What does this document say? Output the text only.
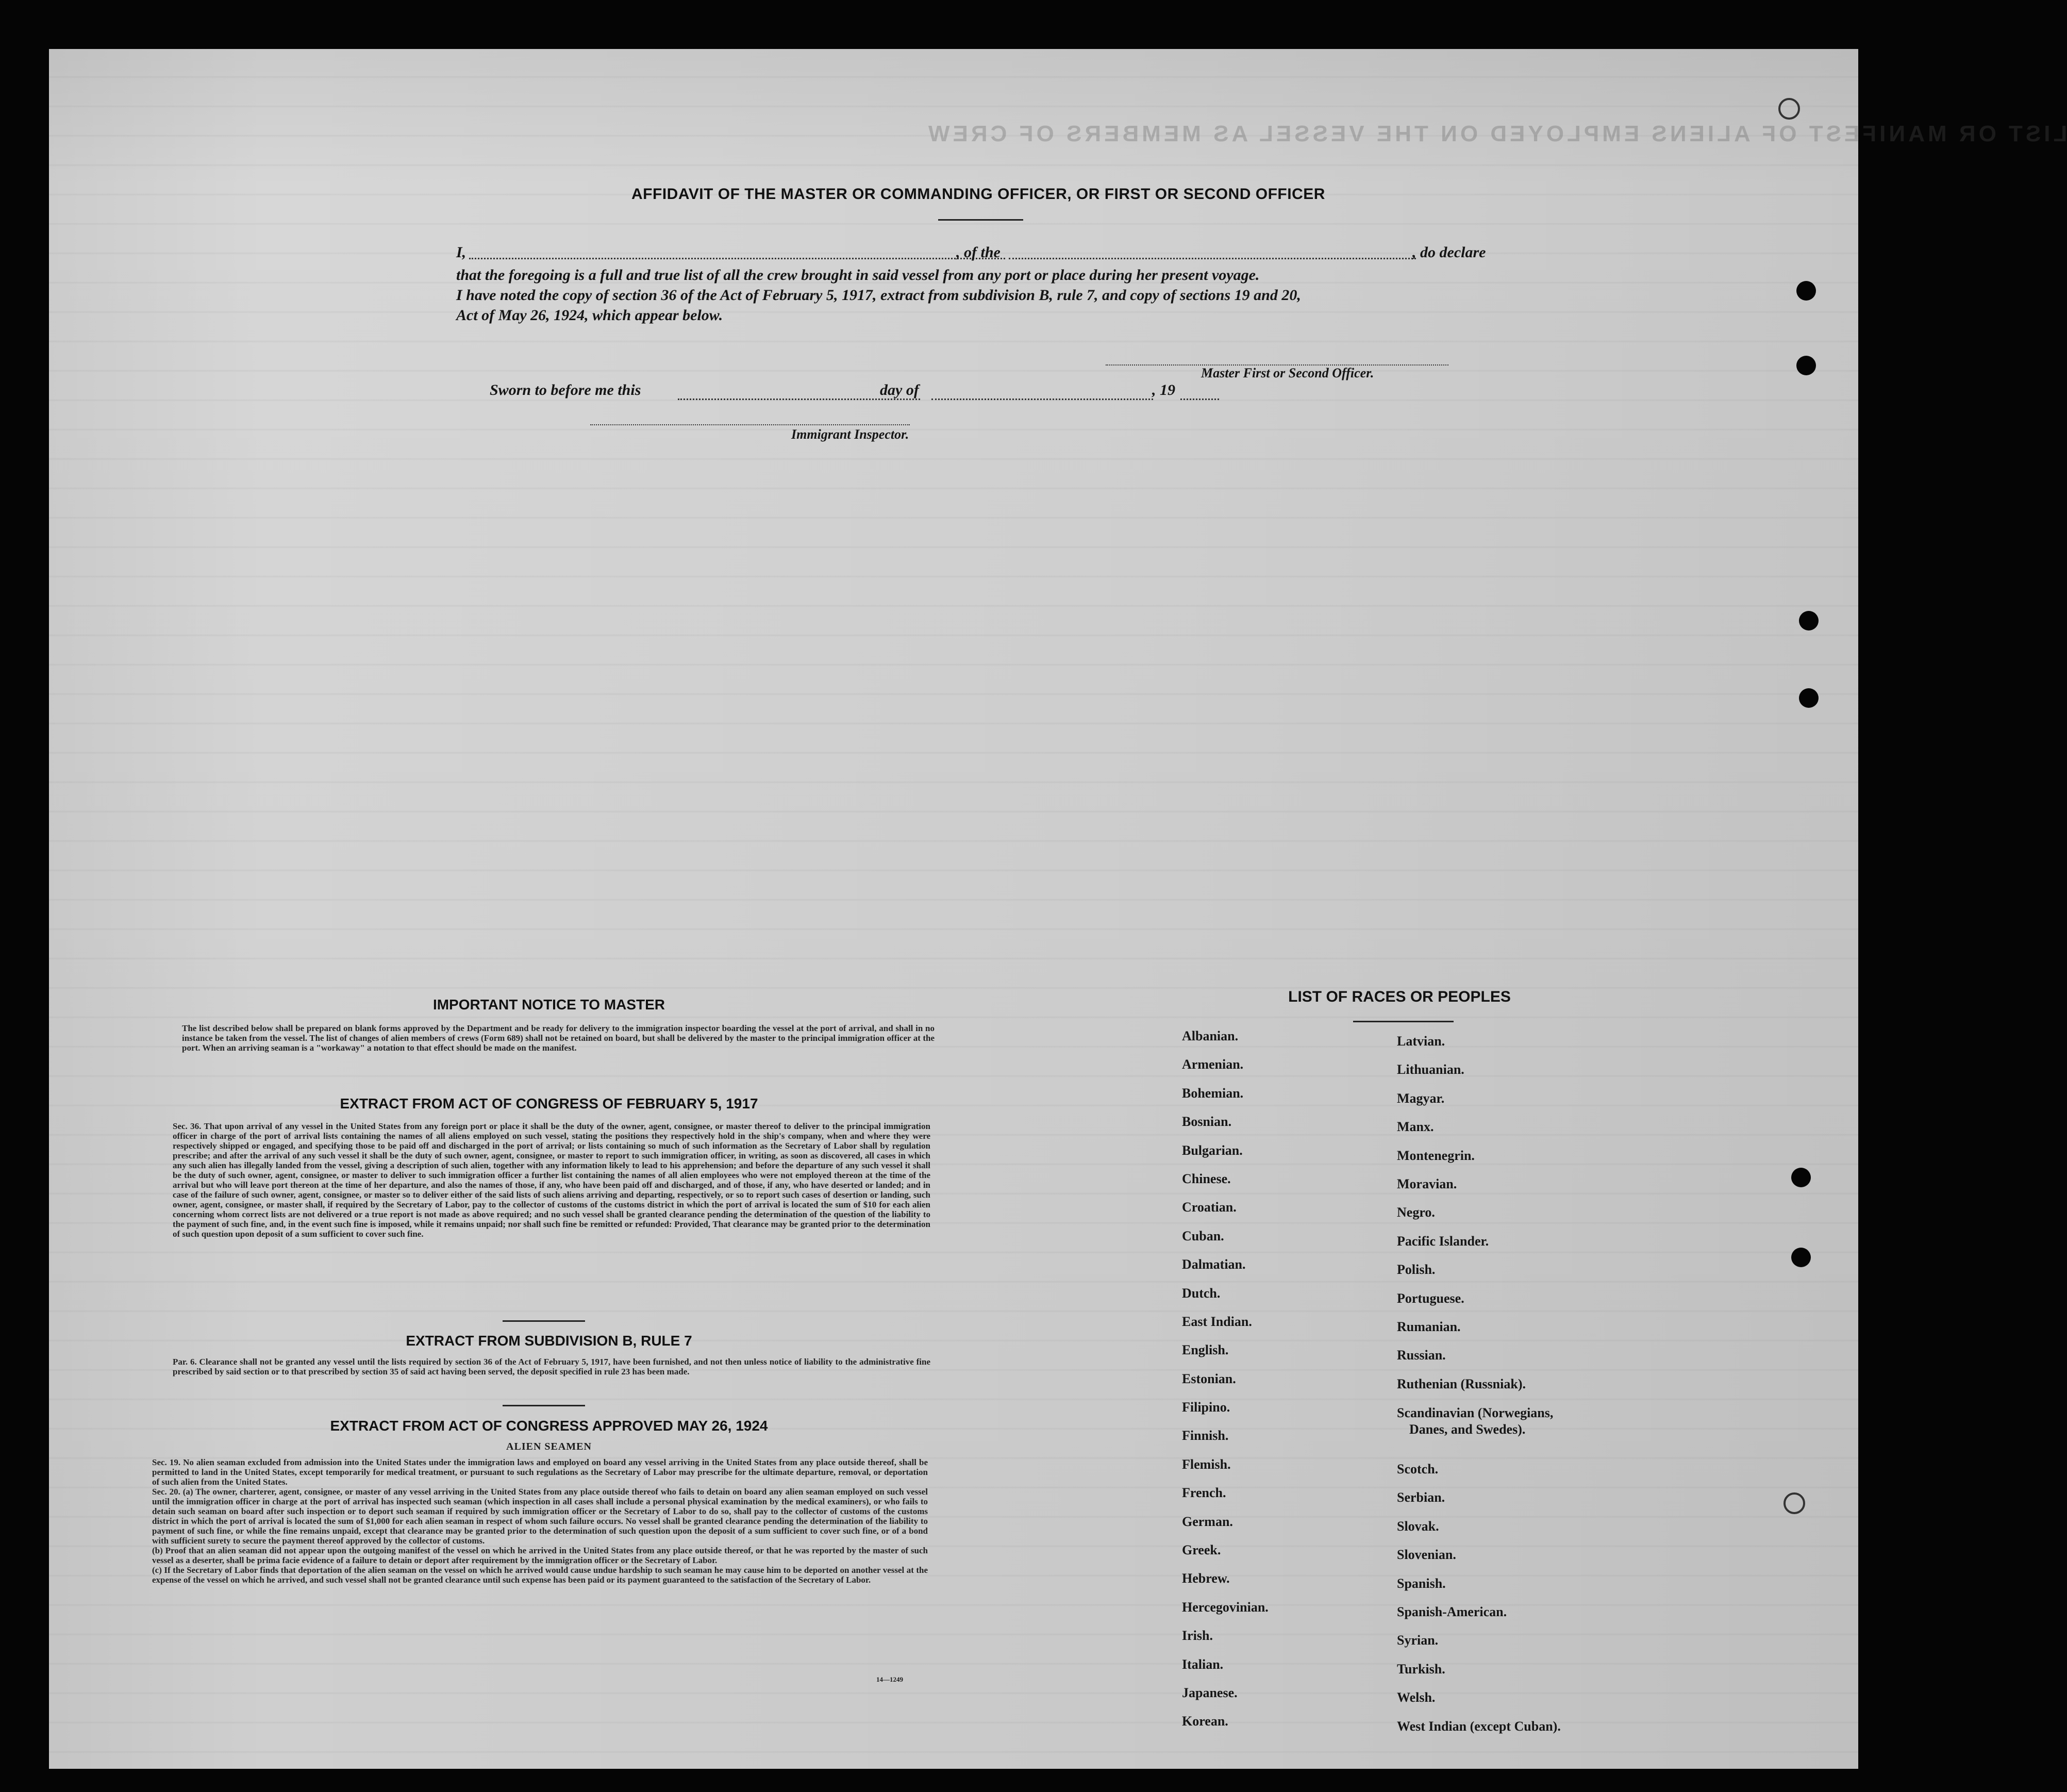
LIST OR MANIFEST OF ALIENS EMPLOYED ON THE VESSEL AS MEMBERS OF CREW
AFFIDAVIT OF THE MASTER OR COMMANDING OFFICER, OR FIRST OR SECOND OFFICER
I,	, of the	, do declare
that the foregoing is a full and true list of all the crew brought in said vessel from any port or place during her present voyage.
I have noted the copy of section 36 of the Act of February 5, 1917, extract from subdivision B, rule 7, and copy of sections 19 and 20,
Act of May 26, 1924, which appear below.
Master First or Second Officer.
Sworn to before me this	day of	, 19
Immigrant Inspector.
IMPORTANT NOTICE TO MASTER
The list described below shall be prepared on blank forms approved by the Department and be ready for delivery to the immigration inspector boarding the vessel at the port of arrival, and shall in no instance be taken from the vessel. The list of changes of alien members of crews (Form 689) shall not be retained on board, but shall be delivered by the master to the principal immigration officer at the port. When an arriving seaman is a "workaway" a notation to that effect should be made on the manifest.
EXTRACT FROM ACT OF CONGRESS OF FEBRUARY 5, 1917
Sec. 36. That upon arrival of any vessel in the United States from any foreign port or place it shall be the duty of the owner, agent, consignee, or master thereof to deliver to the principal immigration officer in charge of the port of arrival lists containing the names of all aliens employed on such vessel, stating the positions they respectively hold in the ship's company, when and where they were respectively shipped or engaged, and specifying those to be paid off and discharged in the port of arrival; or lists containing so much of such information as the Secretary of Labor shall by regulation prescribe; and after the arrival of any such vessel it shall be the duty of such owner, agent, consignee, or master to report to such immigration officer, in writing, as soon as discovered, all cases in which any such alien has illegally landed from the vessel, giving a description of such alien, together with any information likely to lead to his apprehension; and before the departure of any such vessel it shall be the duty of such owner, agent, consignee, or master to deliver to such immigration officer a further list containing the names of all alien employees who were not employed thereon at the time of the arrival but who will leave port thereon at the time of her departure, and also the names of those, if any, who have been paid off and discharged, and of those, if any, who have deserted or landed; and in case of the failure of such owner, agent, consignee, or master so to deliver either of the said lists of such aliens arriving and departing, respectively, or so to report such cases of desertion or landing, such owner, agent, consignee, or master shall, if required by the Secretary of Labor, pay to the collector of customs of the customs district in which the port of arrival is located the sum of $10 for each alien concerning whom correct lists are not delivered or a true report is not made as above required; and no such vessel shall be granted clearance pending the determination of the question of the liability to the payment of such fine, and, in the event such fine is imposed, while it remains unpaid; nor shall such fine be remitted or refunded: Provided, That clearance may be granted prior to the determination of such question upon deposit of a sum sufficient to cover such fine.
EXTRACT FROM SUBDIVISION B, RULE 7
Par. 6. Clearance shall not be granted any vessel until the lists required by section 36 of the Act of February 5, 1917, have been furnished, and not then unless notice of liability to the administrative fine prescribed by said section or to that prescribed by section 35 of said act having been served, the deposit specified in rule 23 has been made.
EXTRACT FROM ACT OF CONGRESS APPROVED MAY 26, 1924
ALIEN SEAMEN

Sec. 19. No alien seaman excluded from admission into the United States under the immigration laws and employed on board any vessel arriving in the United States from any place outside thereof, shall be permitted to land in the United States, except temporarily for medical treatment, or pursuant to such regulations as the Secretary of Labor may prescribe for the ultimate departure, removal, or deportation of such alien from the United States.

Sec. 20. (a) The owner, charterer, agent, consignee, or master of any vessel arriving in the United States from any place outside thereof who fails to detain on board any alien seaman employed on such vessel until the immigration officer in charge at the port of arrival has inspected such seaman (which inspection in all cases shall include a personal physical examination by the medical examiners), or who fails to detain such seaman on board after such inspection or to deport such seaman if required by such immigration officer or the Secretary of Labor to do so, shall pay to the collector of customs of the customs district in which the port of arrival is located the sum of $1,000 for each alien seaman in respect of whom such failure occurs. No vessel shall be granted clearance pending the determination of the liability to payment of such fine, or while the fine remains unpaid, except that clearance may be granted prior to the determination of such question upon the deposit of a sum sufficient to cover such fine, or of a bond with sufficient surety to secure the payment thereof approved by the collector of customs.

(b) Proof that an alien seaman did not appear upon the outgoing manifest of the vessel on which he arrived in the United States from any place outside thereof, or that he was reported by the master of such vessel as a deserter, shall be prima facie evidence of a failure to detain or deport after requirement by the immigration officer or the Secretary of Labor.

(c) If the Secretary of Labor finds that deportation of the alien seaman on the vessel on which he arrived would cause undue hardship to such seaman he may cause him to be deported on another vessel at the expense of the vessel on which he arrived, and such vessel shall not be granted clearance until such expense has been paid or its payment guaranteed to the satisfaction of the Secretary of Labor.

14—1249
LIST OF RACES OR PEOPLES
Albanian.
Armenian.
Bohemian.
Bosnian.
Bulgarian.
Chinese.
Croatian.
Cuban.
Dalmatian.
Dutch.
East Indian.
English.
Estonian.
Filipino.
Finnish.
Flemish.
French.
German.
Greek.
Hebrew.
Hercegovinian.
Irish.
Italian.
Japanese.
Korean.
Latvian.
Lithuanian.
Magyar.
Manx.
Montenegrin.
Moravian.
Negro.
Pacific Islander.
Polish.
Portuguese.
Rumanian.
Russian.
Ruthenian (Russniak).
Scandinavian (Norwegians,
Danes, and Swedes).
Scotch.
Serbian.
Slovak.
Slovenian.
Spanish.
Spanish-American.
Syrian.
Turkish.
Welsh.
West Indian (except Cuban).
